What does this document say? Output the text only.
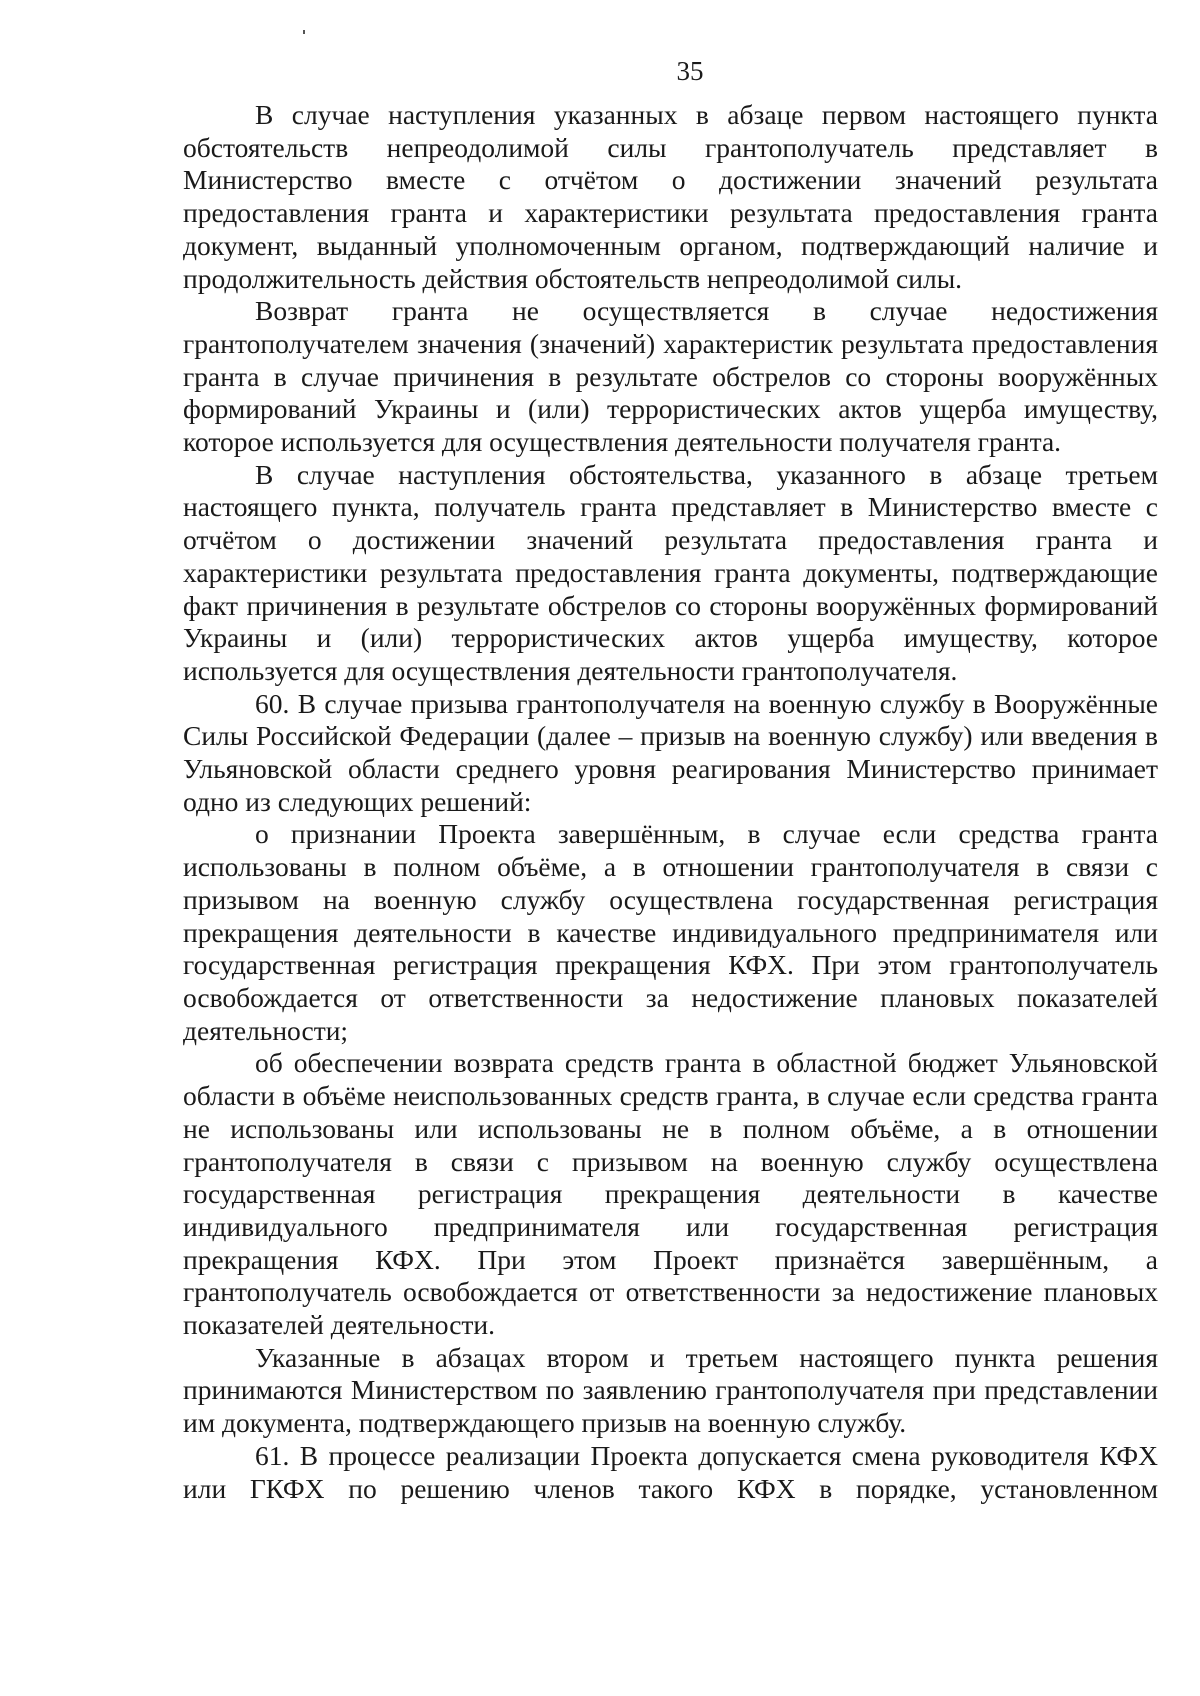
35

В случае наступления указанных в абзаце первом настоящего пункта обстоятельств непреодолимой силы грантополучатель представляет в Министерство вместе с отчётом о достижении значений результата предоставления гранта и характеристики результата предоставления гранта документ, выданный уполномоченным органом, подтверждающий наличие и продолжительность действия обстоятельств непреодолимой силы.

Возврат гранта не осуществляется в случае недостижения грантополучателем значения (значений) характеристик результата предоставления гранта в случае причинения в результате обстрелов со стороны вооружённых формирований Украины и (или) террористических актов ущерба имуществу, которое используется для осуществления деятельности получателя гранта.

В случае наступления обстоятельства, указанного в абзаце третьем настоящего пункта, получатель гранта представляет в Министерство вместе с отчётом о достижении значений результата предоставления гранта и характеристики результата предоставления гранта документы, подтверждающие факт причинения в результате обстрелов со стороны вооружённых формирований Украины и (или) террористических актов ущерба имуществу, которое используется для осуществления деятельности грантополучателя.

60. В случае призыва грантополучателя на военную службу в Вооружённые Силы Российской Федерации (далее – призыв на военную службу) или введения в Ульяновской области среднего уровня реагирования Министерство принимает одно из следующих решений:

о признании Проекта завершённым, в случае если средства гранта использованы в полном объёме, а в отношении грантополучателя в связи с призывом на военную службу осуществлена государственная регистрация прекращения деятельности в качестве индивидуального предпринимателя или государственная регистрация прекращения КФХ. При этом грантополучатель освобождается от ответственности за недостижение плановых показателей деятельности;

об обеспечении возврата средств гранта в областной бюджет Ульяновской области в объёме неиспользованных средств гранта, в случае если средства гранта не использованы или использованы не в полном объёме, а в отношении грантополучателя в связи с призывом на военную службу осуществлена государственная регистрация прекращения деятельности в качестве индивидуального предпринимателя или государственная регистрация прекращения КФХ. При этом Проект признаётся завершённым, а грантополучатель освобождается от ответственности за недостижение плановых показателей деятельности.

Указанные в абзацах втором и третьем настоящего пункта решения принимаются Министерством по заявлению грантополучателя при представлении им документа, подтверждающего призыв на военную службу.

61. В процессе реализации Проекта допускается смена руководителя КФХ или ГКФХ по решению членов такого КФХ в порядке, установленном
